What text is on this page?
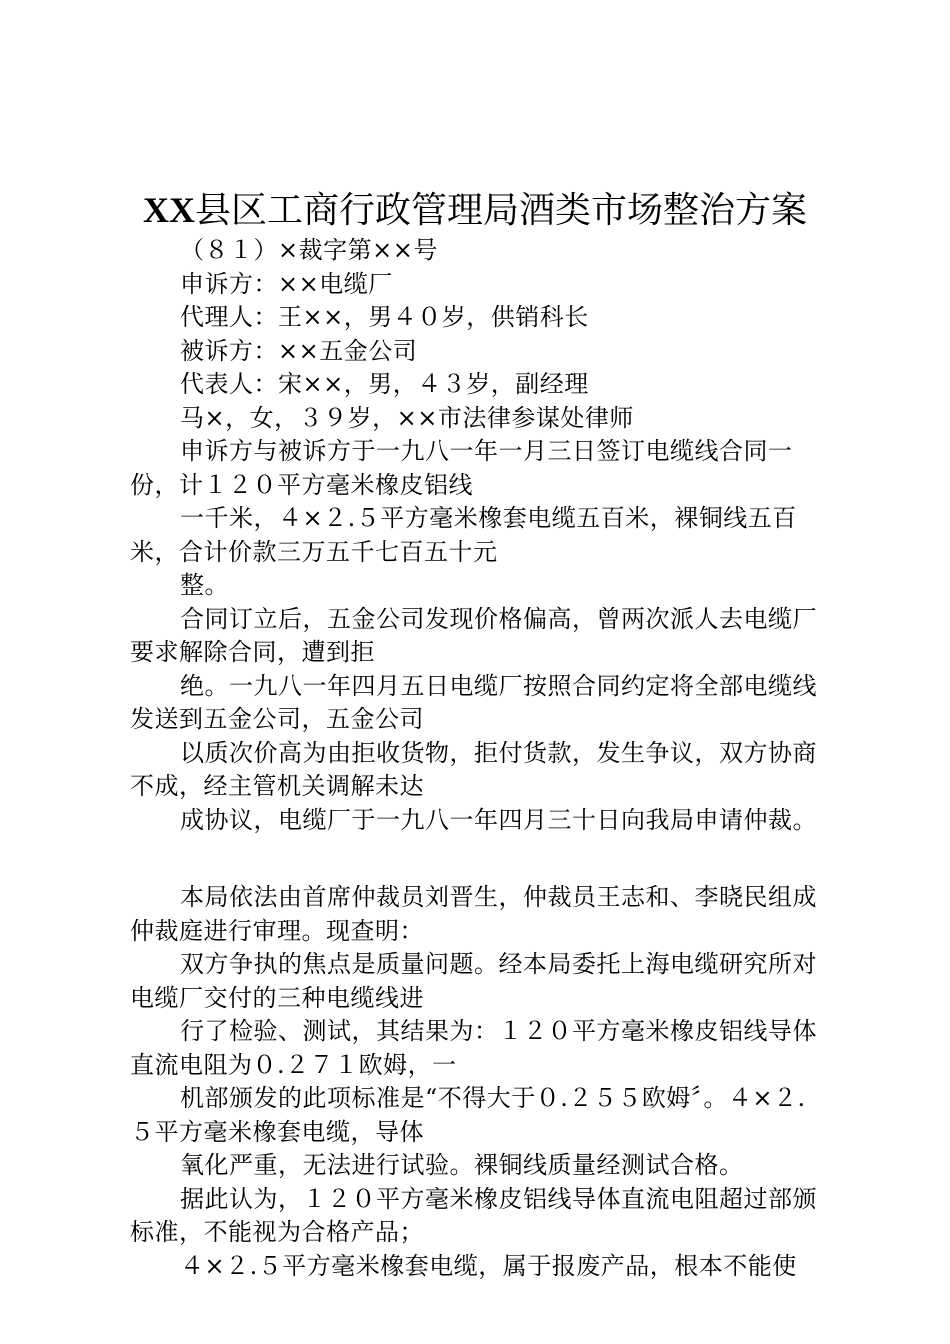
XX县区工商行政管理局酒类市场整治方案

（８１）×裁字第××号

申诉方：××电缆厂

代理人：王××，男４０岁，供销科长

被诉方：××五金公司

代表人：宋××，男，４３岁，副经理

马×，女，３９岁，××市法律参谋处律师

申诉方与被诉方于一九八一年一月三日签订电缆线合同一份，计１２０平方毫米橡皮铝线

一千米，４×２.５平方毫米橡套电缆五百米，裸铜线五百米，合计价款三万五千七百五十元

整。

合同订立后，五金公司发现价格偏高，曾两次派人去电缆厂要求解除合同，遭到拒

绝。一九八一年四月五日电缆厂按照合同约定将全部电缆线发送到五金公司，五金公司

以质次价高为由拒收货物，拒付货款，发生争议，双方协商不成，经主管机关调解未达

成协议，电缆厂于一九八一年四月三十日向我局申请仲裁。

本局依法由首席仲裁员刘晋生，仲裁员王志和、李晓民组成仲裁庭进行审理。现查明：

双方争执的焦点是质量问题。经本局委托上海电缆研究所对电缆厂交付的三种电缆线进

行了检验、测试，其结果为：１２０平方毫米橡皮铝线导体直流电阻为０.２７１欧姆，一

机部颁发的此项标准是“不得大于０.２５５欧姆〞。４×２.５平方毫米橡套电缆，导体

氧化严重，无法进行试验。裸铜线质量经测试合格。

据此认为，１２０平方毫米橡皮铝线导体直流电阻超过部颁标准，不能视为合格产品；

４×２.５平方毫米橡套电缆，属于报废产品，根本不能使
